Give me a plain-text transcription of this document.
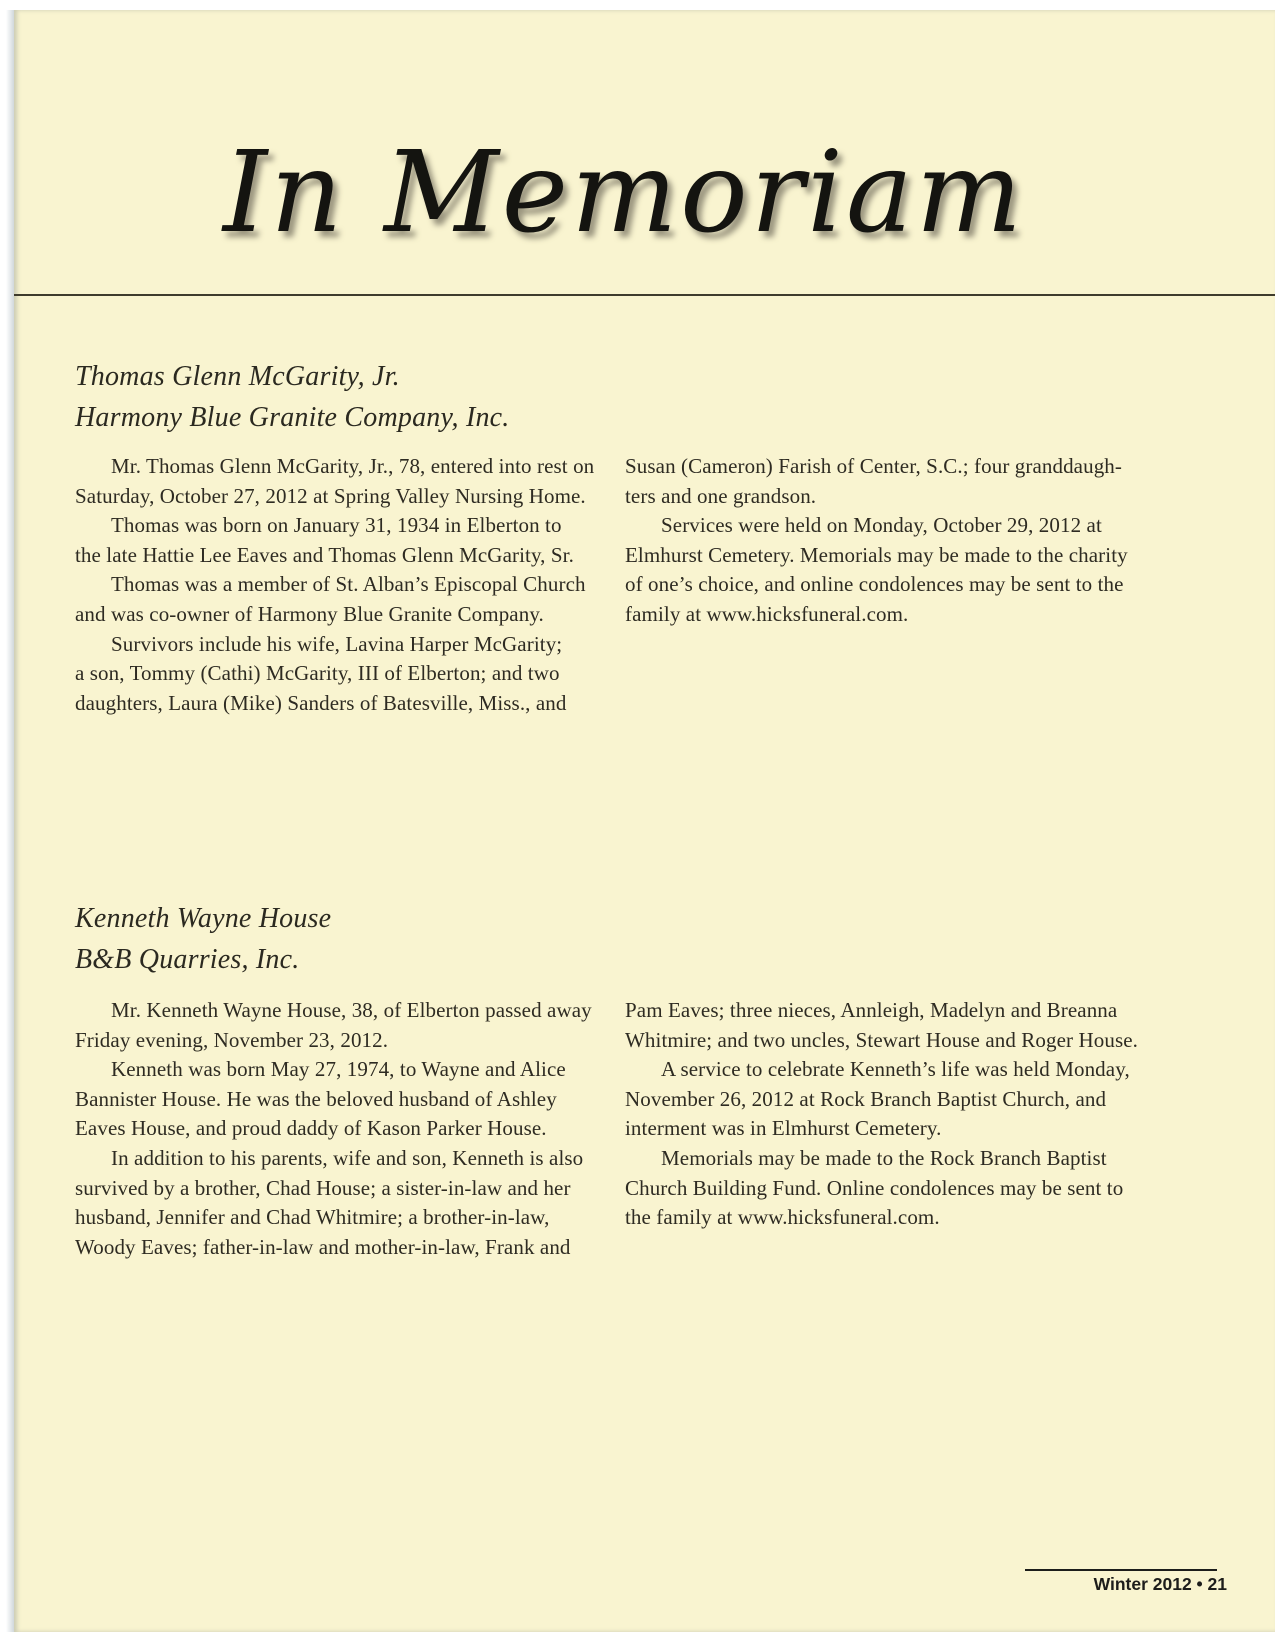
In Memoriam
Thomas Glenn McGarity, Jr.
Harmony Blue Granite Company, Inc.
Mr. Thomas Glenn McGarity, Jr., 78, entered into rest on
Saturday, October 27, 2012 at Spring Valley Nursing Home.
Thomas was born on January 31, 1934 in Elberton to
the late Hattie Lee Eaves and Thomas Glenn McGarity, Sr.
Thomas was a member of St. Alban’s Episcopal Church
and was co-owner of Harmony Blue Granite Company.
Survivors include his wife, Lavina Harper McGarity;
a son, Tommy (Cathi) McGarity, III of Elberton; and two
daughters, Laura (Mike) Sanders of Batesville, Miss., and
Susan (Cameron) Farish of Center, S.C.; four granddaugh-
ters and one grandson.
Services were held on Monday, October 29, 2012 at
Elmhurst Cemetery. Memorials may be made to the charity
of one’s choice, and online condolences may be sent to the
family at www.hicksfuneral.com.
Kenneth Wayne House
B&B Quarries, Inc.
Mr. Kenneth Wayne House, 38, of Elberton passed away
Friday evening, November 23, 2012.
Kenneth was born May 27, 1974, to Wayne and Alice
Bannister House. He was the beloved husband of Ashley
Eaves House, and proud daddy of Kason Parker House.
In addition to his parents, wife and son, Kenneth is also
survived by a brother, Chad House; a sister-in-law and her
husband, Jennifer and Chad Whitmire; a brother-in-law,
Woody Eaves; father-in-law and mother-in-law, Frank and
Pam Eaves; three nieces, Annleigh, Madelyn and Breanna
Whitmire; and two uncles, Stewart House and Roger House.
A service to celebrate Kenneth’s life was held Monday,
November 26, 2012 at Rock Branch Baptist Church, and
interment was in Elmhurst Cemetery.
Memorials may be made to the Rock Branch Baptist
Church Building Fund. Online condolences may be sent to
the family at www.hicksfuneral.com.
Winter 2012 • 21
